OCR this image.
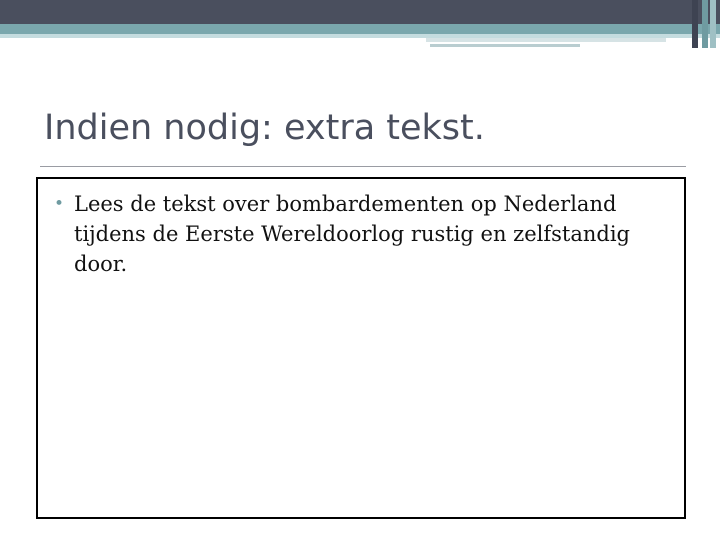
Indien nodig: extra tekst.
• Lees de tekst over bombardementen op Nederland tijdens de Eerste Wereldoorlog rustig en zelfstandig door.
